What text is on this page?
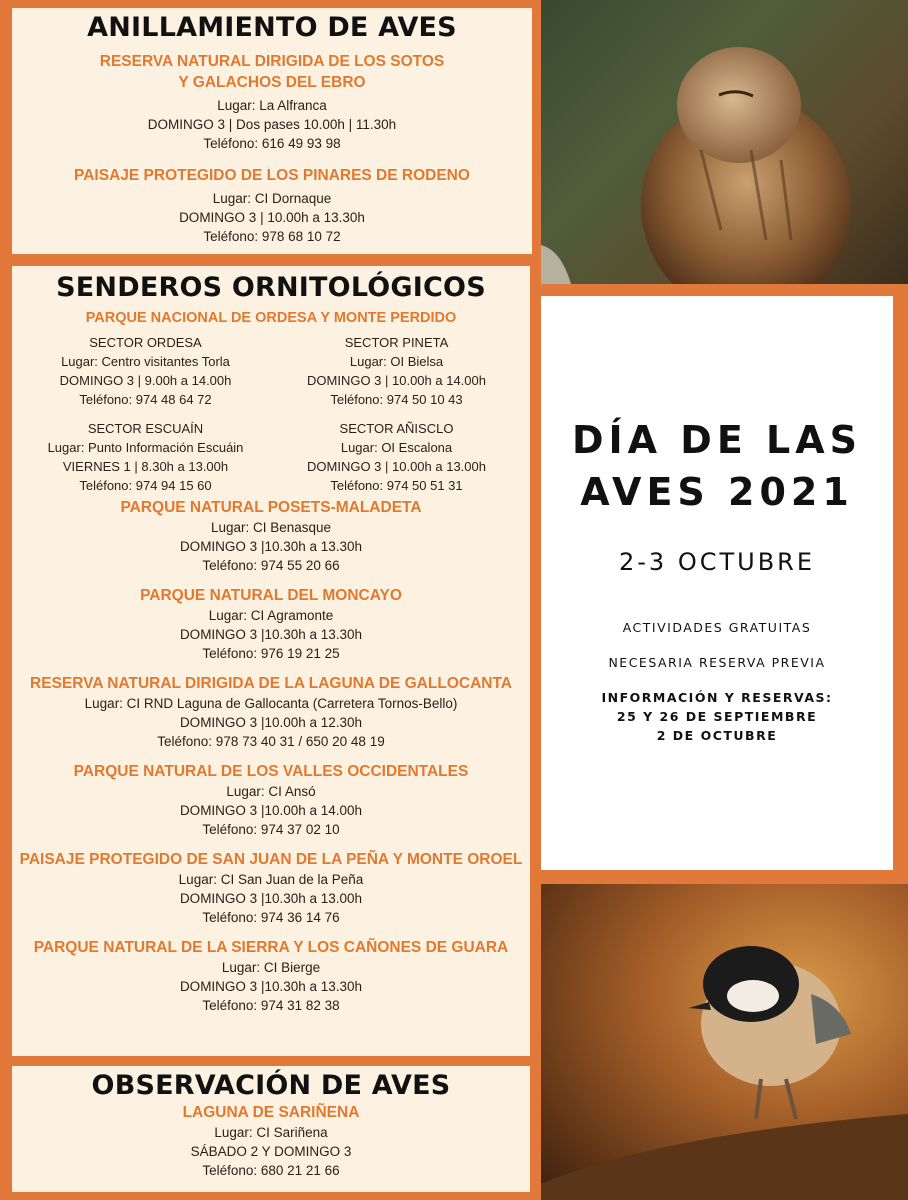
ANILLAMIENTO DE AVES

RESERVA NATURAL DIRIGIDA DE LOS SOTOS

Y GALACHOS DEL EBRO

Lugar: La Alfranca

DOMINGO 3 | Dos pases 10.00h | 11.30h

Teléfono: 616 49 93 98

PAISAJE PROTEGIDO DE LOS PINARES DE RODENO

Lugar: CI Dornaque

DOMINGO 3 | 10.00h a 13.30h

Teléfono: 978 68 10 72

SENDEROS ORNITOLÓGICOS

PARQUE NACIONAL DE ORDESA Y MONTE PERDIDO

SECTOR ORDESA

Lugar: Centro visitantes Torla

DOMINGO 3 | 9.00h a 14.00h

Teléfono: 974 48 64 72

SECTOR PINETA

Lugar: OI Bielsa

DOMINGO 3 | 10.00h a 14.00h

Teléfono: 974 50 10 43

SECTOR ESCUAÍN

Lugar: Punto Información Escuáin

VIERNES 1 | 8.30h a 13.00h

Teléfono: 974 94 15 60

SECTOR AÑISCLO

Lugar: OI Escalona

DOMINGO 3 | 10.00h a 13.00h

Teléfono: 974 50 51 31

PARQUE NATURAL POSETS-MALADETA

Lugar: CI Benasque

DOMINGO 3 |10.30h a 13.30h

Teléfono: 974 55 20 66

PARQUE NATURAL DEL MONCAYO

Lugar: CI Agramonte

DOMINGO 3 |10.30h a 13.30h

Teléfono: 976 19 21 25

RESERVA NATURAL DIRIGIDA DE LA LAGUNA DE GALLOCANTA

Lugar: CI RND Laguna de Gallocanta (Carretera Tornos-Bello)

DOMINGO 3 |10.00h a 12.30h

Teléfono: 978 73 40 31 / 650 20 48 19

PARQUE NATURAL DE LOS VALLES OCCIDENTALES

Lugar: CI Ansó

DOMINGO 3 |10.00h a 14.00h

Teléfono: 974 37 02 10

PAISAJE PROTEGIDO DE SAN JUAN DE LA PEÑA Y MONTE OROEL

Lugar: CI San Juan de la Peña

DOMINGO 3 |10.30h a 13.00h

Teléfono: 974 36 14 76

PARQUE NATURAL DE LA SIERRA Y LOS CAÑONES DE GUARA

Lugar: CI Bierge

DOMINGO 3 |10.30h a 13.30h

Teléfono: 974 31 82 38

OBSERVACIÓN DE AVES

LAGUNA DE SARIÑENA

Lugar: CI Sariñena

SÁBADO 2 Y DOMINGO 3

Teléfono: 680 21 21 66

DÍA DE LAS

AVES 2021

2-3 OCTUBRE

ACTIVIDADES GRATUITAS

NECESARIA RESERVA PREVIA

INFORMACIÓN Y RESERVAS:

25 Y 26 DE SEPTIEMBRE

2 DE OCTUBRE
